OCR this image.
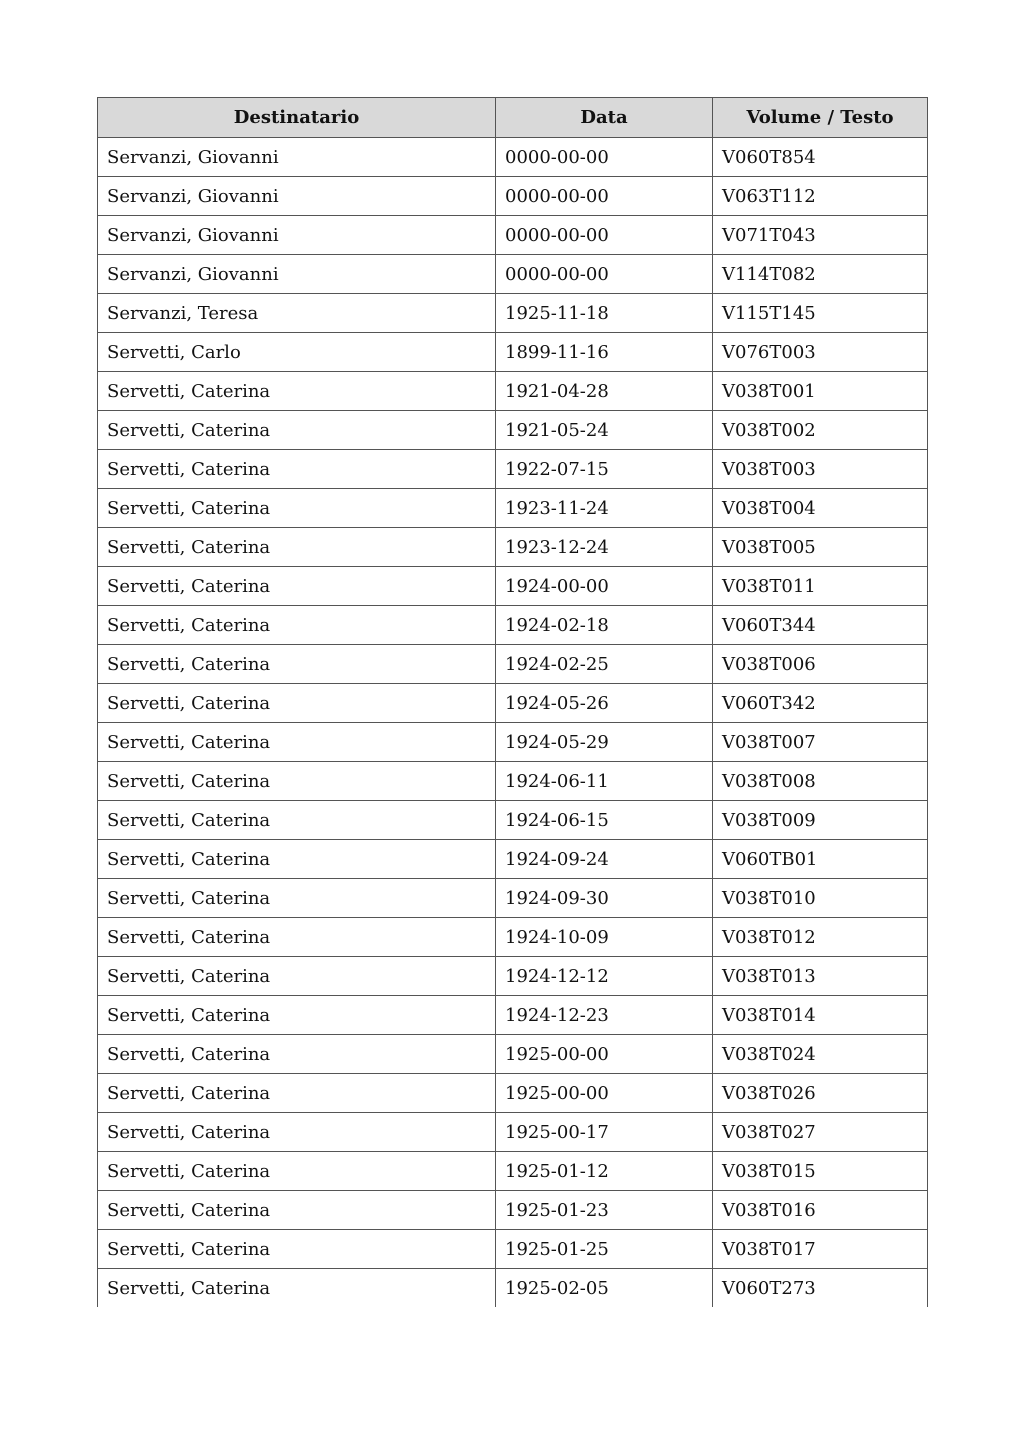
Destinatario	Data	Volume / Testo
Servanzi, Giovanni	0000-00-00	V060T854
Servanzi, Giovanni	0000-00-00	V063T112
Servanzi, Giovanni	0000-00-00	V071T043
Servanzi, Giovanni	0000-00-00	V114T082
Servanzi, Teresa	1925-11-18	V115T145
Servetti, Carlo	1899-11-16	V076T003
Servetti, Caterina	1921-04-28	V038T001
Servetti, Caterina	1921-05-24	V038T002
Servetti, Caterina	1922-07-15	V038T003
Servetti, Caterina	1923-11-24	V038T004
Servetti, Caterina	1923-12-24	V038T005
Servetti, Caterina	1924-00-00	V038T011
Servetti, Caterina	1924-02-18	V060T344
Servetti, Caterina	1924-02-25	V038T006
Servetti, Caterina	1924-05-26	V060T342
Servetti, Caterina	1924-05-29	V038T007
Servetti, Caterina	1924-06-11	V038T008
Servetti, Caterina	1924-06-15	V038T009
Servetti, Caterina	1924-09-24	V060TB01
Servetti, Caterina	1924-09-30	V038T010
Servetti, Caterina	1924-10-09	V038T012
Servetti, Caterina	1924-12-12	V038T013
Servetti, Caterina	1924-12-23	V038T014
Servetti, Caterina	1925-00-00	V038T024
Servetti, Caterina	1925-00-00	V038T026
Servetti, Caterina	1925-00-17	V038T027
Servetti, Caterina	1925-01-12	V038T015
Servetti, Caterina	1925-01-23	V038T016
Servetti, Caterina	1925-01-25	V038T017
Servetti, Caterina	1925-02-05	V060T273
